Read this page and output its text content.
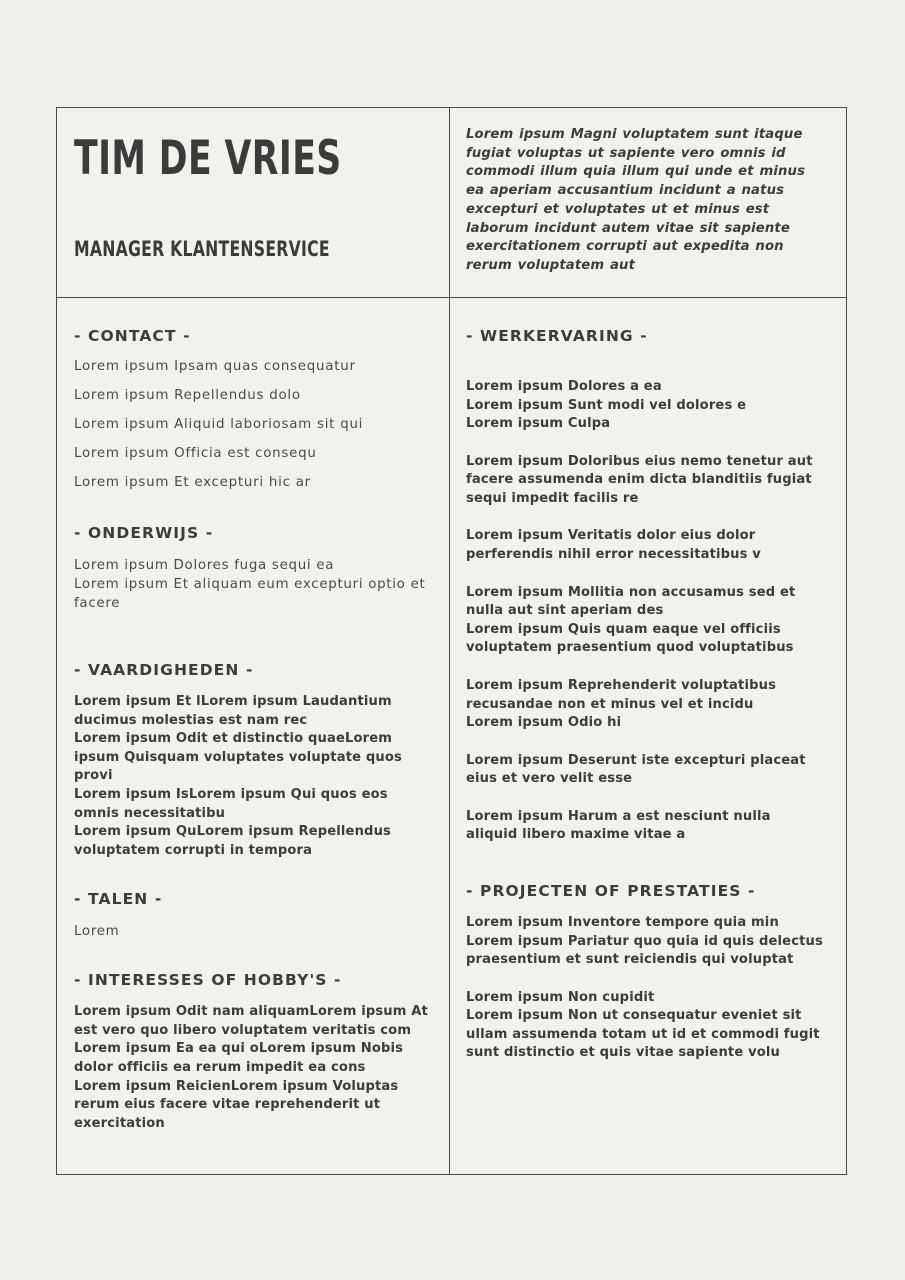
TIM DE VRIES
MANAGER KLANTENSERVICE

Lorem ipsum Magni voluptatem sunt itaque fugiat voluptas ut sapiente vero omnis id commodi illum quia illum qui unde et minus ea aperiam accusantium incidunt a natus excepturi et voluptates ut et minus est laborum incidunt autem vitae sit sapiente exercitationem corrupti aut expedita non rerum voluptatem aut

- CONTACT -

Lorem ipsum Ipsam quas consequatur

Lorem ipsum Repellendus dolo

Lorem ipsum Aliquid laboriosam sit qui

Lorem ipsum Officia est consequ

Lorem ipsum Et excepturi hic ar

- ONDERWIJS -

Lorem ipsum Dolores fuga sequi ea

Lorem ipsum Et aliquam eum excepturi optio et facere

- VAARDIGHEDEN -

Lorem ipsum Et lLorem ipsum Laudantium ducimus molestias est nam rec

Lorem ipsum Odit et distinctio quaeLorem ipsum Quisquam voluptates voluptate quos provi

Lorem ipsum IsLorem ipsum Qui quos eos omnis necessitatibu

Lorem ipsum QuLorem ipsum Repellendus voluptatem corrupti in tempora

- TALEN -

Lorem

- INTERESSES OF HOBBY'S -

Lorem ipsum Odit nam aliquamLorem ipsum At est vero quo libero voluptatem veritatis com

Lorem ipsum Ea ea qui oLorem ipsum Nobis dolor officiis ea rerum impedit ea cons

Lorem ipsum ReicienLorem ipsum Voluptas rerum eius facere vitae reprehenderit ut exercitation

- WERKERVARING -

Lorem ipsum Dolores a ea

Lorem ipsum Sunt modi vel dolores e

Lorem ipsum Culpa

Lorem ipsum Doloribus eius nemo tenetur aut facere assumenda enim dicta blanditiis fugiat sequi impedit facilis re

Lorem ipsum Veritatis dolor eius dolor perferendis nihil error necessitatibus v

Lorem ipsum Mollitia non accusamus sed et nulla aut sint aperiam des

Lorem ipsum Quis quam eaque vel officiis voluptatem praesentium quod voluptatibus

Lorem ipsum Reprehenderit voluptatibus recusandae non et minus vel et incidu

Lorem ipsum Odio hi

Lorem ipsum Deserunt iste excepturi placeat eius et vero velit esse

Lorem ipsum Harum a est nesciunt nulla aliquid libero maxime vitae a

- PROJECTEN OF PRESTATIES -

Lorem ipsum Inventore tempore quia min

Lorem ipsum Pariatur quo quia id quis delectus praesentium et sunt reiciendis qui voluptat

Lorem ipsum Non cupidit

Lorem ipsum Non ut consequatur eveniet sit ullam assumenda totam ut id et commodi fugit sunt distinctio et quis vitae sapiente volu
